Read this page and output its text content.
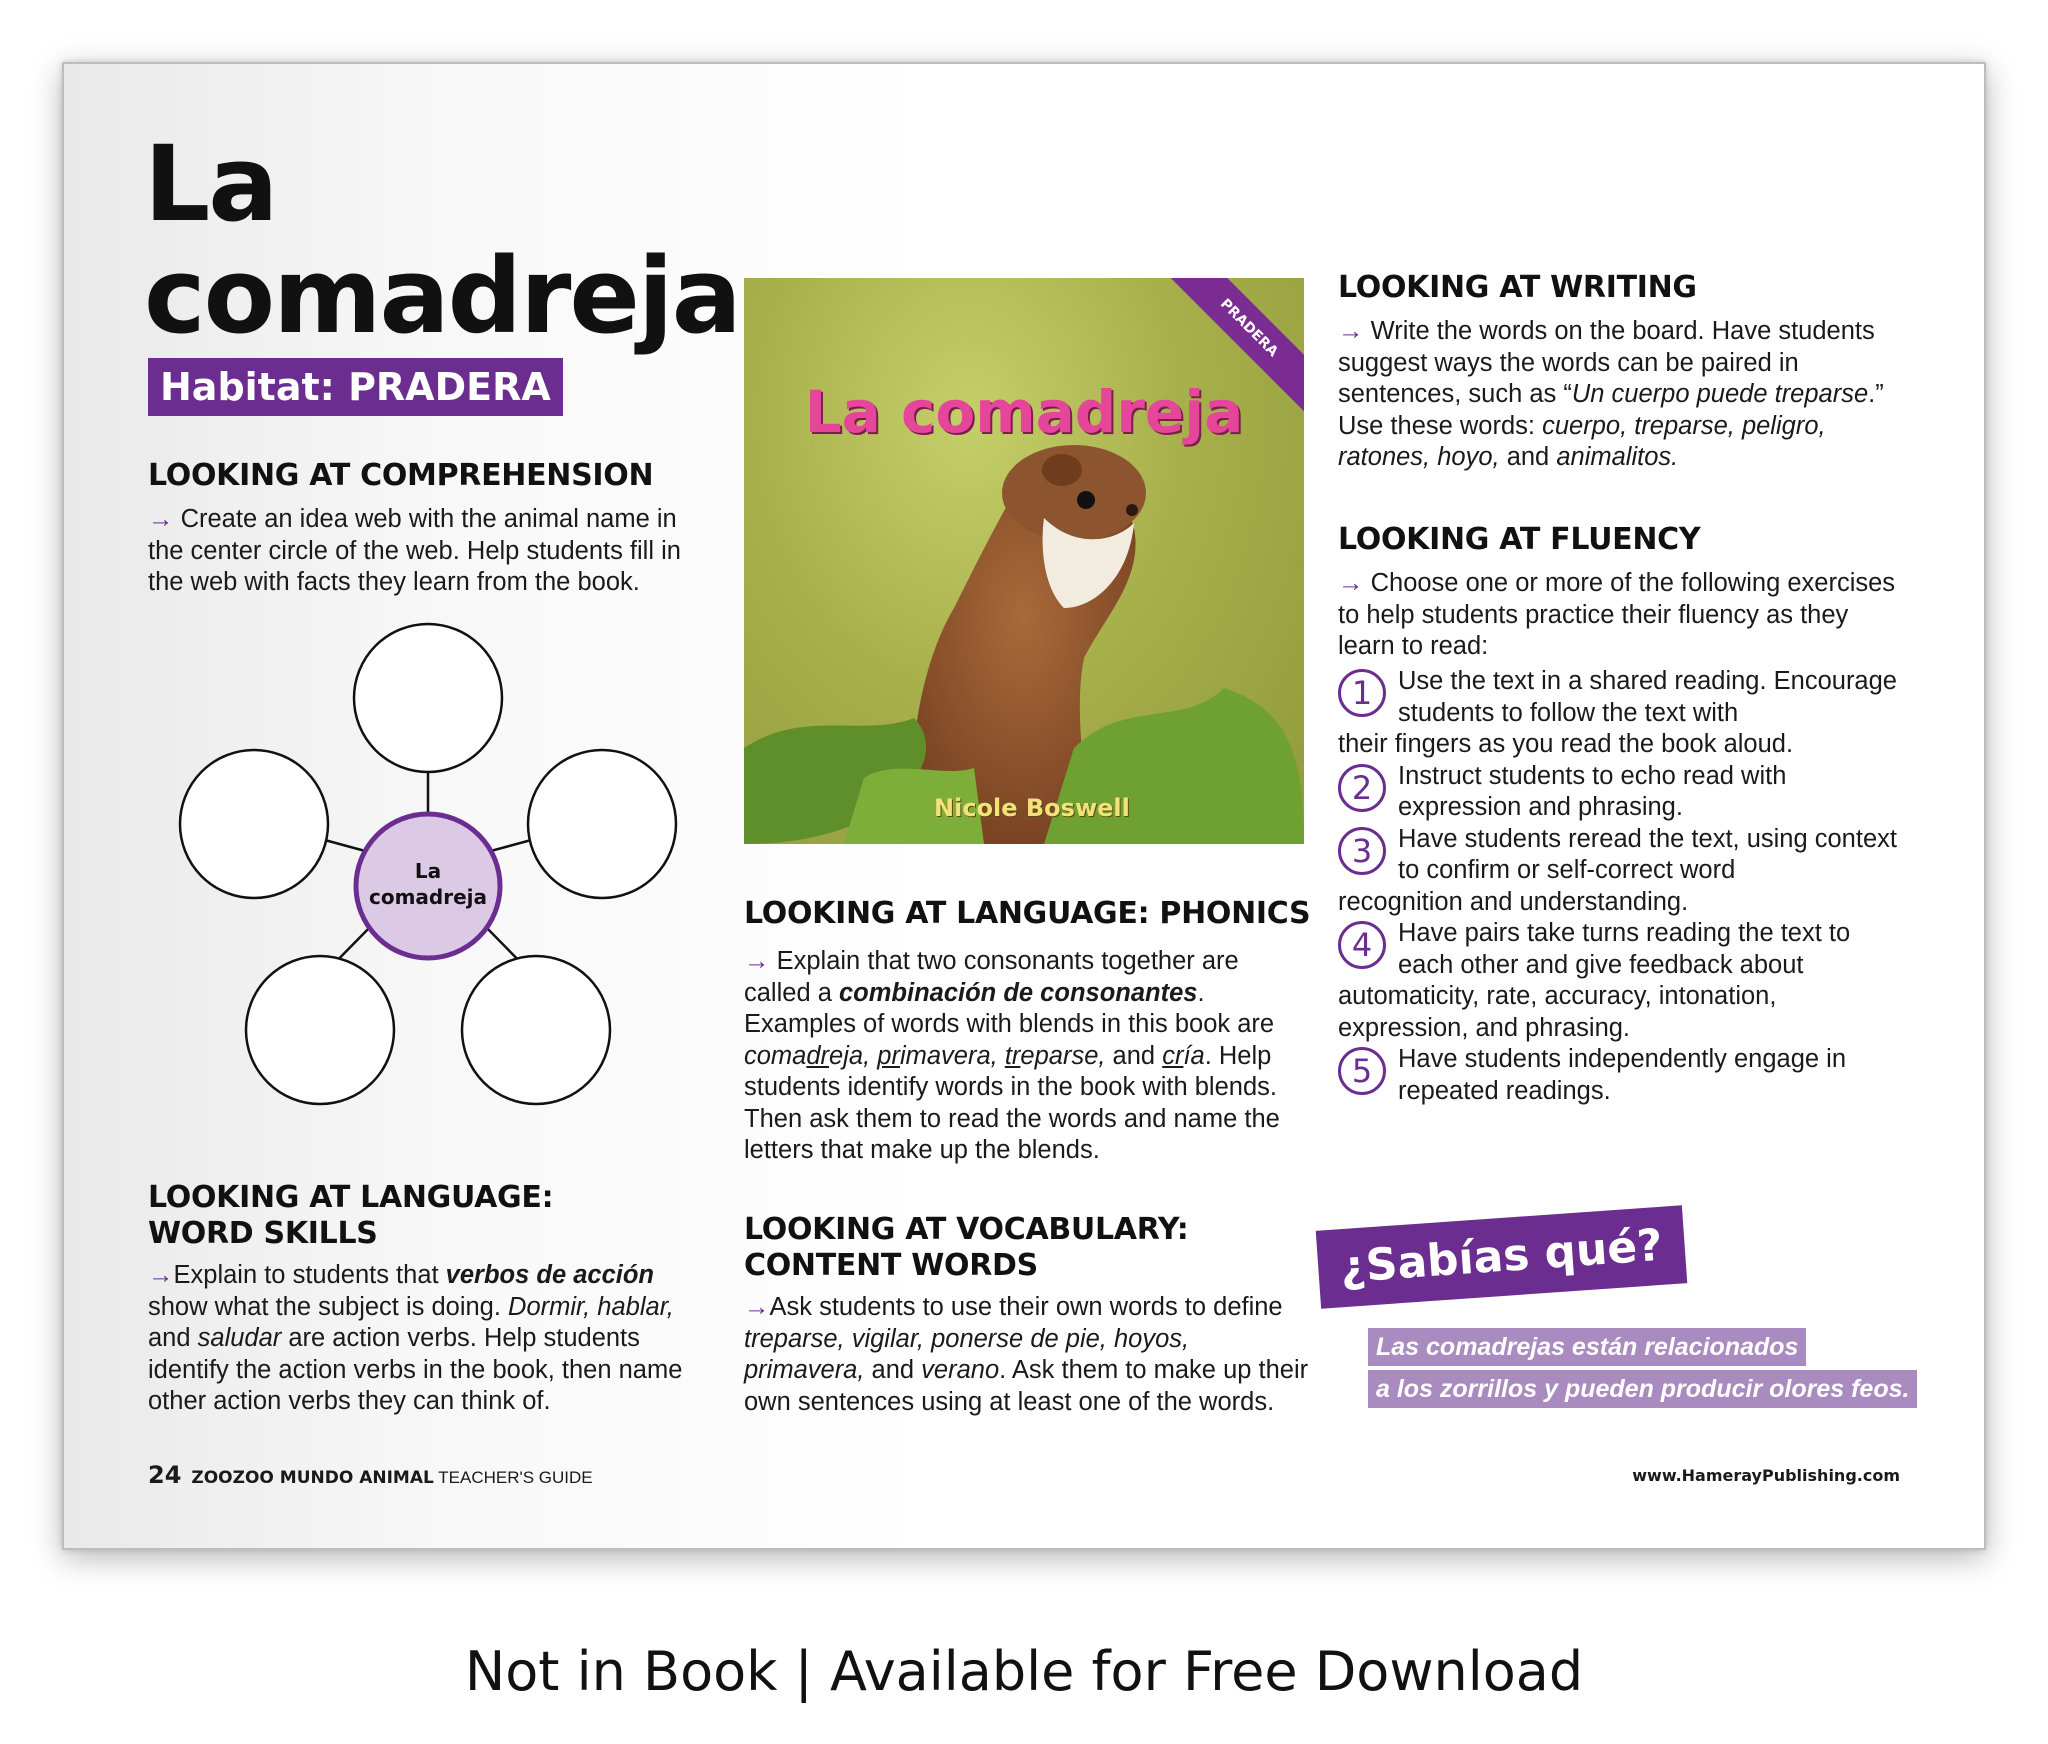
La
comadreja
Habitat: PRADERA
LOOKING AT COMPREHENSION
→ Create an idea web with the animal name in the center circle of the web. Help students fill in the web with facts they learn from the book.
La
comadreja
LOOKING AT LANGUAGE:
WORD SKILLS
→Explain to students that verbos de acción show what the subject is doing. Dormir, hablar, and saludar are action verbs. Help students identify the action verbs in the book, then name other action verbs they can think of.
PRADERA
La comadreja
Nicole Boswell
LOOKING AT LANGUAGE: PHONICS
→ Explain that two consonants together are called a combinación de consonantes. Examples of words with blends in this book are comadreja, primavera, treparse, and cría. Help students identify words in the book with blends. Then ask them to read the words and name the letters that make up the blends.
LOOKING AT VOCABULARY:
CONTENT WORDS
→Ask students to use their own words to define treparse, vigilar, ponerse de pie, hoyos, primavera, and verano. Ask them to make up their own sentences using at least one of the words.
LOOKING AT WRITING
→ Write the words on the board. Have students suggest ways the words can be paired in sentences, such as “Un cuerpo puede treparse.” Use these words: cuerpo, treparse, peligro, ratones, hoyo, and animalitos.
LOOKING AT FLUENCY
→ Choose one or more of the following exercises to help students practice their fluency as they learn to read:
1	Use the text in a shared reading. Encourage students to follow the text with
their fingers as you read the book aloud.
2	Instruct students to echo read with expression and phrasing.
3	Have students reread the text, using context to confirm or self-correct word
recognition and understanding.
4	Have pairs take turns reading the text to each other and give feedback about
automaticity, rate, accuracy, intonation, expression, and phrasing.
5	Have students independently engage in repeated readings.
¿Sabías qué?
Las comadrejas están relacionados
a los zorrillos y pueden producir olores feos.
24 ZOOZOO MUNDO ANIMAL TEACHER'S GUIDE	www.HamerayPublishing.com
Not in Book | Available for Free Download
